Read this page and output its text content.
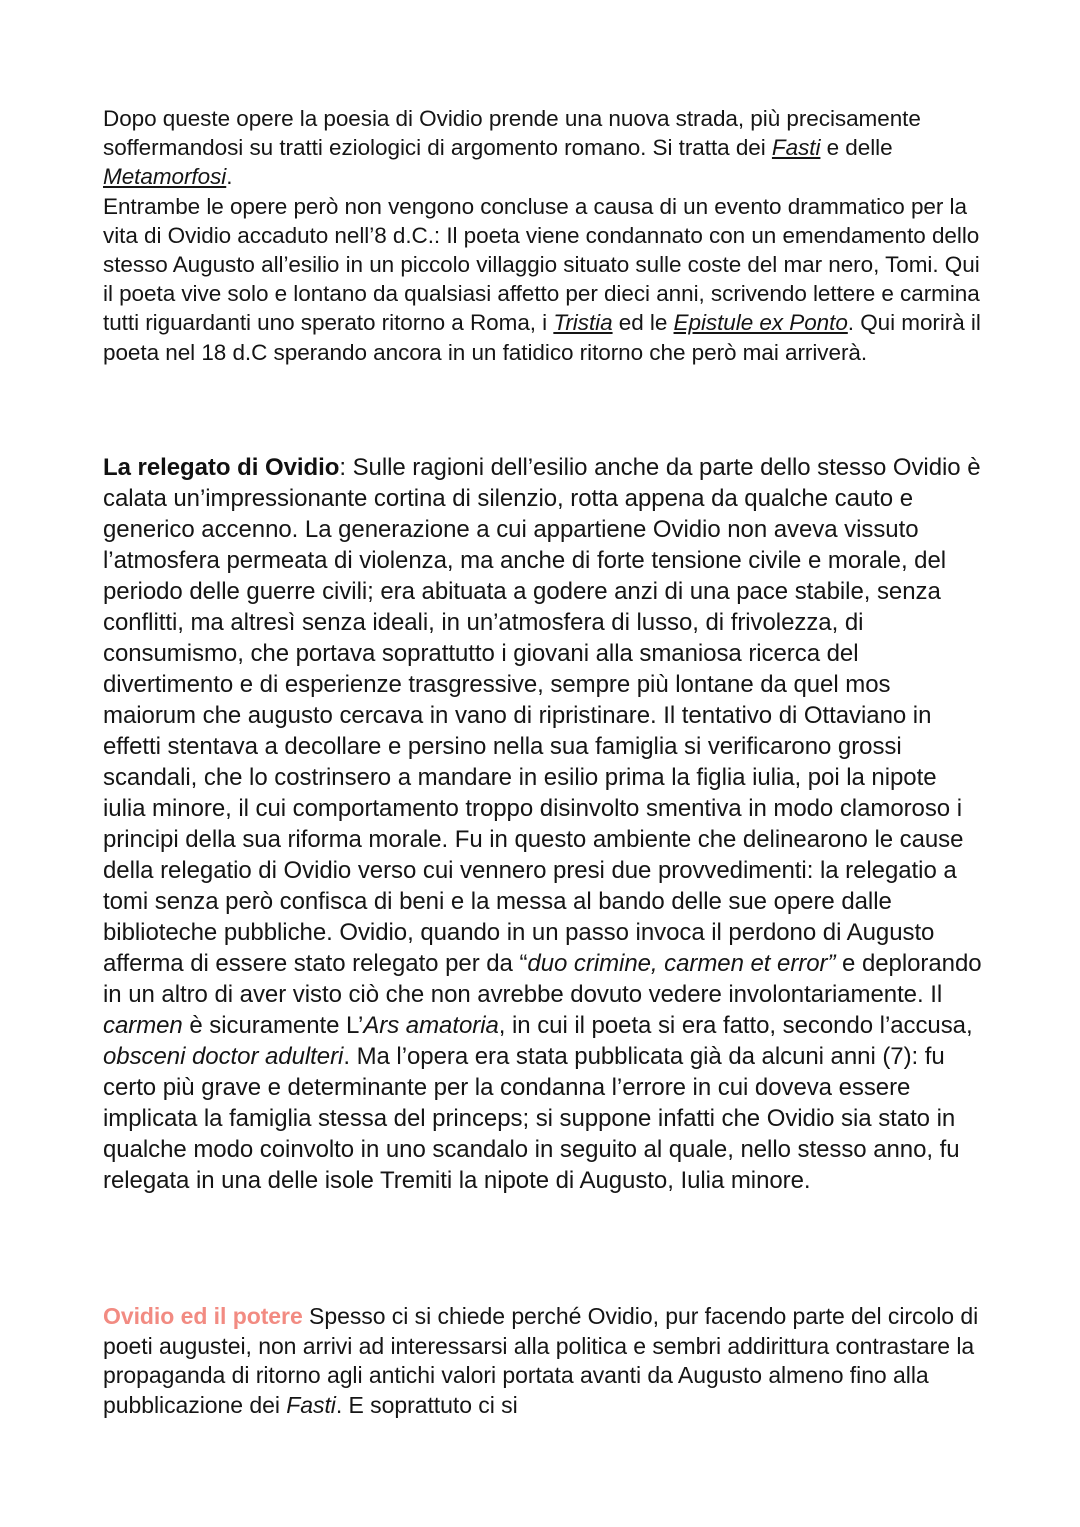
Dopo queste opere la poesia di Ovidio prende una nuova strada, più precisamente soffermandosi su tratti eziologici di argomento romano. Si tratta dei Fasti e delle Metamorfosi.
Entrambe le opere però non vengono concluse a causa di un evento drammatico per la vita di Ovidio accaduto nell’8 d.C.: Il poeta viene condannato con un emendamento dello stesso Augusto all’esilio in un piccolo villaggio situato sulle coste del mar nero, Tomi. Qui il poeta vive solo e lontano da qualsiasi affetto per dieci anni, scrivendo lettere e carmina tutti riguardanti uno sperato ritorno a Roma, i Tristia ed le Epistule ex Ponto. Qui morirà il poeta nel 18 d.C sperando ancora in un fatidico ritorno che però mai arriverà.

La relegato di Ovidio: Sulle ragioni dell’esilio anche da parte dello stesso Ovidio è calata un’impressionante cortina di silenzio, rotta appena da qualche cauto e generico accenno. La generazione a cui appartiene Ovidio non aveva vissuto l’atmosfera permeata di violenza, ma anche di forte tensione civile e morale, del periodo delle guerre civili; era abituata a godere anzi di una pace stabile, senza conflitti, ma altresì senza ideali, in un’atmosfera di lusso, di frivolezza, di consumismo, che portava soprattutto i giovani alla smaniosa ricerca del divertimento e di esperienze trasgressive, sempre più lontane da quel mos maiorum che augusto cercava in vano di ripristinare. Il tentativo di Ottaviano in effetti stentava a decollare e persino nella sua famiglia si verificarono grossi scandali, che lo costrinsero a mandare in esilio prima la figlia iulia, poi la nipote iulia minore, il cui comportamento troppo disinvolto smentiva in modo clamoroso i principi della sua riforma morale. Fu in questo ambiente che delinearono le cause della relegatio di Ovidio verso cui vennero presi due provvedimenti: la relegatio a tomi senza però confisca di beni e la messa al bando delle sue opere dalle biblioteche pubbliche. Ovidio, quando in un passo invoca il perdono di Augusto afferma di essere stato relegato per da “duo crimine, carmen et error” e deplorando in un altro di aver visto ciò che non avrebbe dovuto vedere involontariamente. Il carmen è sicuramente L’Ars amatoria, in cui il poeta si era fatto, secondo l’accusa, obsceni doctor adulteri. Ma l’opera era stata pubblicata già da alcuni anni (7): fu certo più grave e determinante per la condanna l’errore in cui doveva essere implicata la famiglia stessa del princeps; si suppone infatti che Ovidio sia stato in qualche modo coinvolto in uno scandalo in seguito al quale, nello stesso anno, fu relegata in una delle isole Tremiti la nipote di Augusto, Iulia minore.

Ovidio ed il potere Spesso ci si chiede perché Ovidio, pur facendo parte del circolo di poeti augustei, non arrivi ad interessarsi alla politica e sembri addirittura contrastare la propaganda di ritorno agli antichi valori portata avanti da Augusto almeno fino alla pubblicazione dei Fasti. E soprattuto ci si
